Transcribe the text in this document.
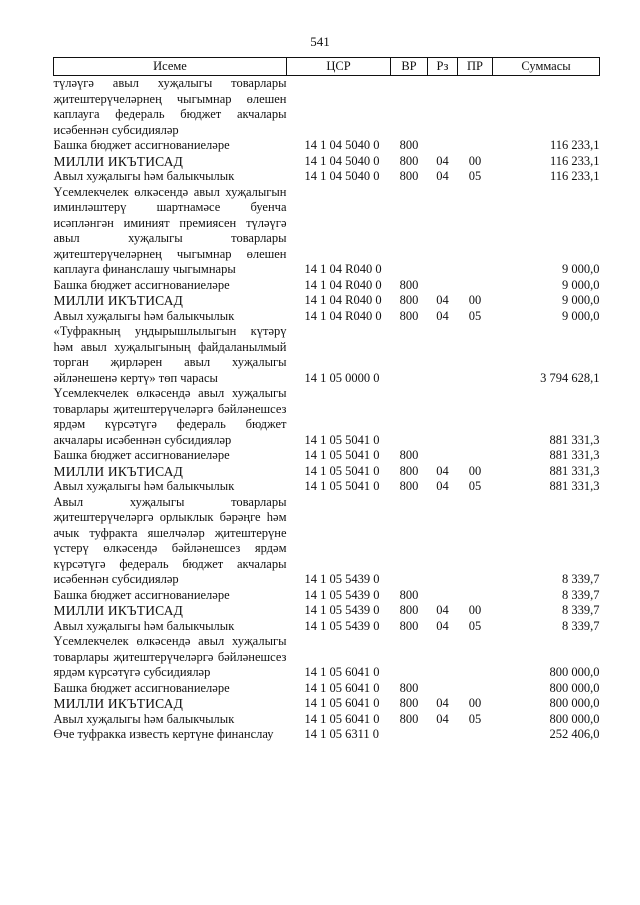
541
Исеме	ЦСР	ВР	Рз	ПР	Суммасы
тү‌ләүгә авыл хуҗалыгы товарлары җитештерүчеләрнең чыгымнар өлешен каплауга федераль бюджет акчалары исәбеннән субсидияләр					
Башка бюджет ассигнованиеләре	14 1 04 5040 0	800			116 233,1
МИЛЛИ ИКЪТИСАД	14 1 04 5040 0	800	04	00	116 233,1
Авыл хуҗалыгы һәм балыкчылык	14 1 04 5040 0	800	04	05	116 233,1
Үсемлекчелек өлкәсендә авыл хуҗалыгын иминләштерү шартнамәсе буенча исәпләнгән иминият премиясен түләүгә авыл хуҗалыгы товарлары җитештерүчеләрнең чыгымнар өлешен каплауга финанслашу чыгымнары	14 1 04 R040 0				9 000,0
Башка бюджет ассигнованиеләре	14 1 04 R040 0	800			9 000,0
МИЛЛИ ИКЪТИСАД	14 1 04 R040 0	800	04	00	9 000,0
Авыл хуҗалыгы һәм балыкчылык	14 1 04 R040 0	800	04	05	9 000,0
«Туфракның уңдырышлылыгын күтәрү һәм авыл хуҗалыгының файдаланылмый торган җирләрен авыл хуҗалыгы әйләнешенә кертү» төп чарасы	14 1 05 0000 0				3 794 628,1
Үсемлекчелек өлкәсендә авыл хуҗалыгы товарлары җитештерүчеләргә бәйләнешсез ярдәм күрсәтүгә федераль бюджет акчалары исәбеннән субсидияләр	14 1 05 5041 0				881 331,3
Башка бюджет ассигнованиеләре	14 1 05 5041 0	800			881 331,3
МИЛЛИ ИКЪТИСАД	14 1 05 5041 0	800	04	00	881 331,3
Авыл хуҗалыгы һәм балыкчылык	14 1 05 5041 0	800	04	05	881 331,3
Авыл хуҗалыгы товарлары җитештерүчеләргә орлыклык бәрәңге һәм ачык туфракта яшелчәләр җитештерүне үстерү өлкәсендә бәйләнешсез ярдәм күрсәтүгә федераль бюджет акчалары исәбеннән субсидияләр	14 1 05 5439 0				8 339,7
Башка бюджет ассигнованиеләре	14 1 05 5439 0	800			8 339,7
МИЛЛИ ИКЪТИСАД	14 1 05 5439 0	800	04	00	8 339,7
Авыл хуҗалыгы һәм балыкчылык	14 1 05 5439 0	800	04	05	8 339,7
Үсемлекчелек өлкәсендә авыл хуҗалыгы товарлары җитештерүчеләргә бәйләнешсез ярдәм күрсәтүгә субсидияләр	14 1 05 6041 0				800 000,0
Башка бюджет ассигнованиеләре	14 1 05 6041 0	800			800 000,0
МИЛЛИ ИКЪТИСАД	14 1 05 6041 0	800	04	00	800 000,0
Авыл хуҗалыгы һәм балыкчылык	14 1 05 6041 0	800	04	05	800 000,0
Өче туфракка известь кертүне финанслау	14 1 05 6311 0				252 406,0
